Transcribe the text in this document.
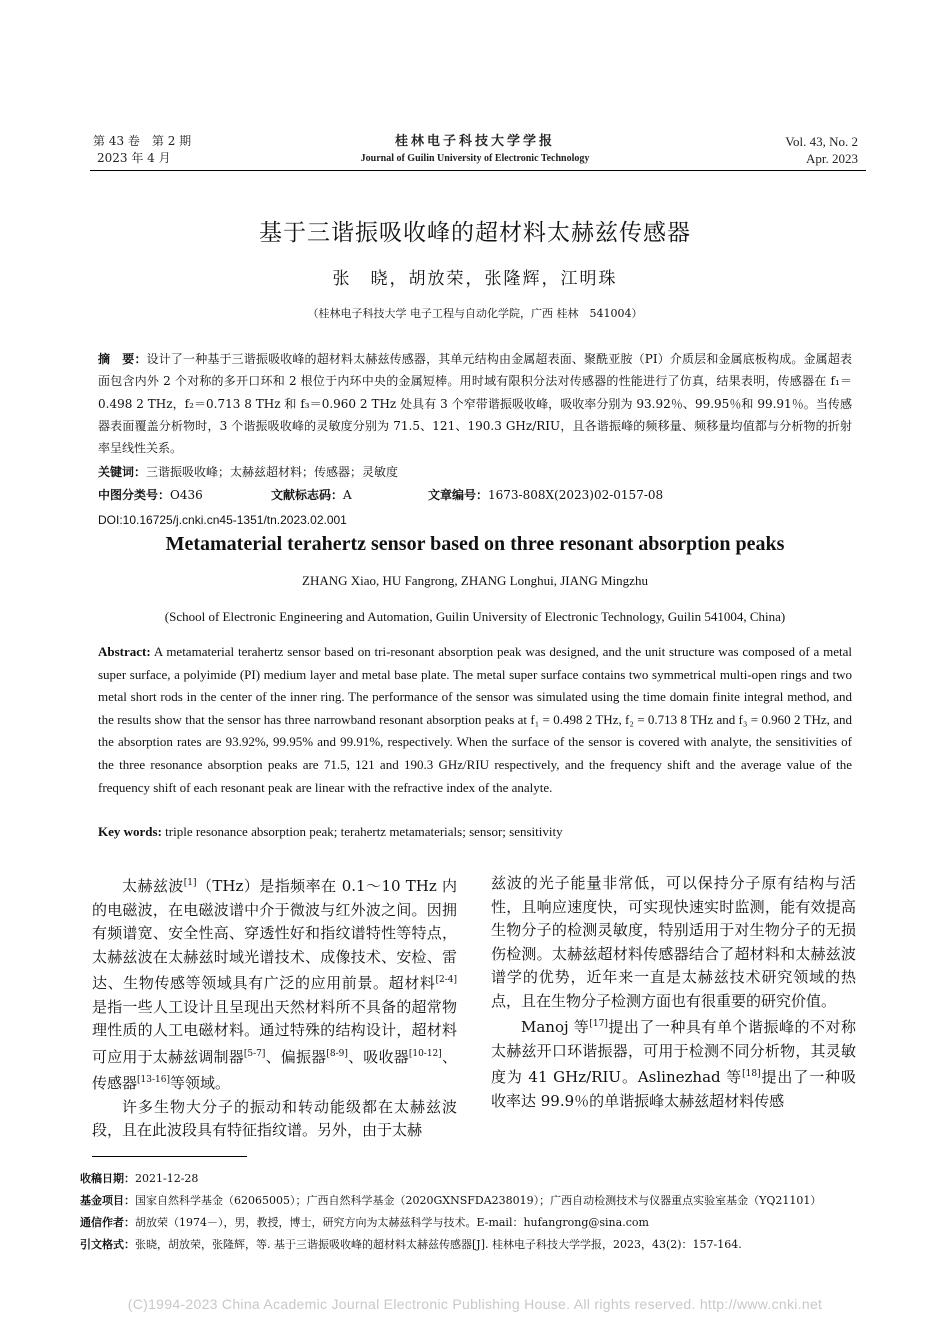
第 43 卷　第 2 期
2023 年 4 月
桂林电子科技大学学报
Journal of Guilin University of Electronic Technology
Vol. 43, No. 2
Apr. 2023
基于三谐振吸收峰的超材料太赫兹传感器
张　晓，胡放荣，张隆辉，江明珠
（桂林电子科技大学 电子工程与自动化学院，广西 桂林　541004）
摘　要：设计了一种基于三谐振吸收峰的超材料太赫兹传感器，其单元结构由金属超表面、聚酰亚胺（PI）介质层和金属底板构成。金属超表面包含内外 2 个对称的多开口环和 2 根位于内环中央的金属短棒。用时域有限积分法对传感器的性能进行了仿真，结果表明，传感器在 f₁＝0.498 2 THz，f₂＝0.713 8 THz 和 f₃＝0.960 2 THz 处具有 3 个窄带谐振吸收峰，吸收率分别为 93.92％、99.95％和 99.91％。当传感器表面覆盖分析物时，3 个谐振吸收峰的灵敏度分别为 71.5、121、190.3 GHz/RIU，且各谐振峰的频移量、频移量均值都与分析物的折射率呈线性关系。
关键词：三谐振吸收峰；太赫兹超材料；传感器；灵敏度
中图分类号：O436	文献标志码：A	文章编号：1673-808X(2023)02-0157-08
DOI:10.16725/j.cnki.cn45-1351/tn.2023.02.001
Metamaterial terahertz sensor based on three resonant absorption peaks
ZHANG Xiao, HU Fangrong, ZHANG Longhui, JIANG Mingzhu
(School of Electronic Engineering and Automation, Guilin University of Electronic Technology, Guilin 541004, China)
Abstract: A metamaterial terahertz sensor based on tri-resonant absorption peak was designed, and the unit structure was composed of a metal super surface, a polyimide (PI) medium layer and metal base plate. The metal super surface contains two symmetrical multi-open rings and two metal short rods in the center of the inner ring. The performance of the sensor was simulated using the time domain finite integral method, and the results show that the sensor has three narrowband resonant absorption peaks at f₁ = 0.498 2 THz, f₂ = 0.713 8 THz and f₃ = 0.960 2 THz, and the absorption rates are 93.92%, 99.95% and 99.91%, respectively. When the surface of the sensor is covered with analyte, the sensitivities of the three resonance absorption peaks are 71.5, 121 and 190.3 GHz/RIU respectively, and the frequency shift and the average value of the frequency shift of each resonant peak are linear with the refractive index of the analyte.
Key words: triple resonance absorption peak; terahertz metamaterials; sensor; sensitivity

太赫兹波[1]（THz）是指频率在 0.1～10 THz 内的电磁波，在电磁波谱中介于微波与红外波之间。因拥有频谱宽、安全性高、穿透性好和指纹谱特性等特点，太赫兹波在太赫兹时域光谱技术、成像技术、安检、雷达、生物传感等领域具有广泛的应用前景。超材料[2-4]是指一些人工设计且呈现出天然材料所不具备的超常物理性质的人工电磁材料。通过特殊的结构设计，超材料可应用于太赫兹调制器[5-7]、偏振器[8-9]、吸收器[10-12]、传感器[13-16]等领域。

许多生物大分子的振动和转动能级都在太赫兹波段，且在此波段具有特征指纹谱。另外，由于太赫

兹波的光子能量非常低，可以保持分子原有结构与活性，且响应速度快，可实现快速实时监测，能有效提高生物分子的检测灵敏度，特别适用于对生物分子的无损伤检测。太赫兹超材料传感器结合了超材料和太赫兹波谱学的优势，近年来一直是太赫兹技术研究领域的热点，且在生物分子检测方面也有很重要的研究价值。

Manoj 等[17]提出了一种具有单个谐振峰的不对称太赫兹开口环谐振器，可用于检测不同分析物，其灵敏度为 41 GHz/RIU。Aslinezhad 等[18]提出了一种吸收率达 99.9％的单谐振峰太赫兹超材料传感

收稿日期：2021-12-28
基金项目：国家自然科学基金（62065005）；广西自然科学基金（2020GXNSFDA238019）；广西自动检测技术与仪器重点实验室基金（YQ21101）
通信作者：胡放荣（1974－），男，教授，博士，研究方向为太赫兹科学与技术。E-mail：hufangrong@sina.com
引文格式：张晓，胡放荣，张隆辉，等. 基于三谐振吸收峰的超材料太赫兹传感器[J]. 桂林电子科技大学学报，2023，43(2)：157-164.
(C)1994-2023 China Academic Journal Electronic Publishing House. All rights reserved. http://www.cnki.net
